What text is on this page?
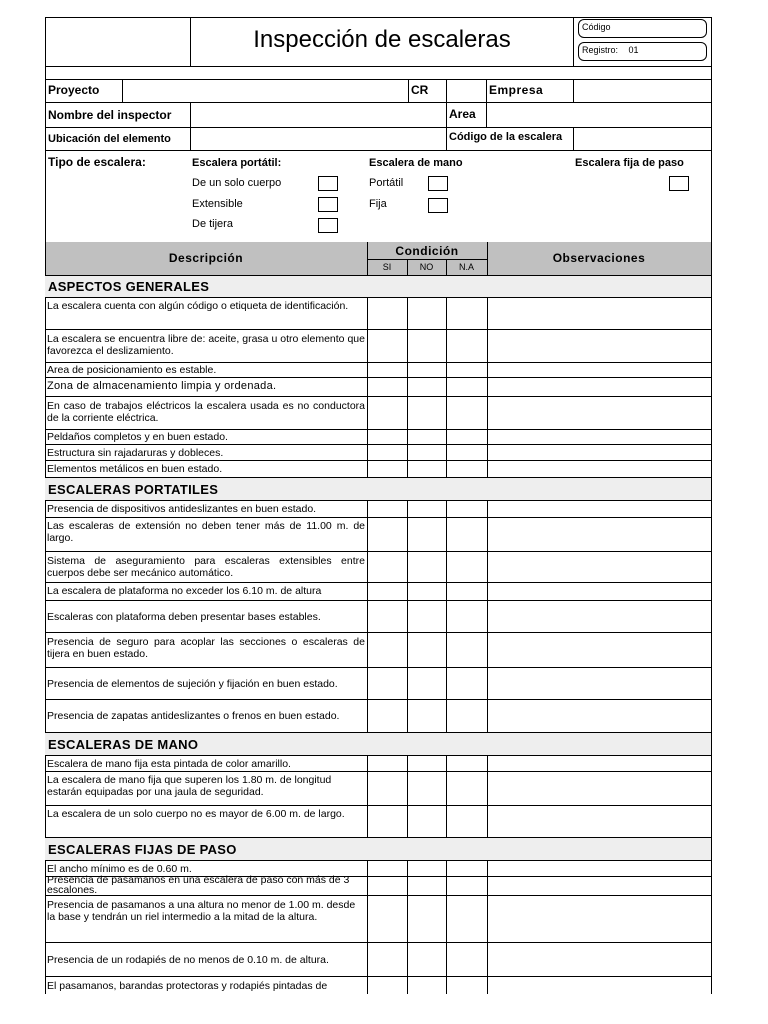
Inspección de escaleras	Código
Registro: 01
Proyecto	CR	Empresa
Nombre del inspector	Area
Ubicación del elemento	Código de la escalera
Tipo de escalera:	Escalera portátil:
De un solo cuerpo
Extensible
De tijera
Escalera de mano
Portátil
Fija
Escalera fija de paso
Descripción	Condición
SI	NO	N.A
Observaciones
ASPECTOS GENERALES
La escalera cuenta con algún código o etiqueta de identificación.
La escalera se encuentra libre de: aceite, grasa u otro elemento que favorezca el deslizamiento.
Area de posicionamiento es estable.
Zona de almacenamiento limpia y ordenada.
En caso de trabajos eléctricos la escalera usada es no conductora de la corriente eléctrica.
Peldaños completos y en buen estado.
Estructura sin rajadaruras y dobleces.
Elementos metálicos en buen estado.
ESCALERAS PORTATILES
Presencia de dispositivos antideslizantes en buen estado.
Las escaleras de extensión no deben tener más de 11.00 m. de largo.
Sistema de aseguramiento para escaleras extensibles entre cuerpos debe ser mecánico automático.
La escalera de plataforma no exceder los 6.10 m. de altura
Escaleras con plataforma deben presentar bases estables.
Presencia de seguro para acoplar las secciones o escaleras de tijera en buen estado.
Presencia de elementos de sujeción y fijación en buen estado.
Presencia de zapatas antideslizantes o frenos en buen estado.
ESCALERAS DE MANO
Escalera de mano fija esta pintada de color amarillo.
La escalera de mano fija que superen los 1.80 m. de longitud estarán equipadas por una jaula de seguridad.
La escalera de un solo cuerpo no es mayor de 6.00 m. de largo.
ESCALERAS FIJAS DE PASO
El ancho mínimo es de 0.60 m.
Presencia de pasamanos en una escalera de paso con más de 3 escalones.
Presencia de pasamanos a una altura no menor de 1.00 m. desde la base y tendrán un riel intermedio a la mitad de la altura.
Presencia de un rodapiés de no menos de 0.10 m. de altura.
El pasamanos, barandas protectoras y rodapiés pintadas de
